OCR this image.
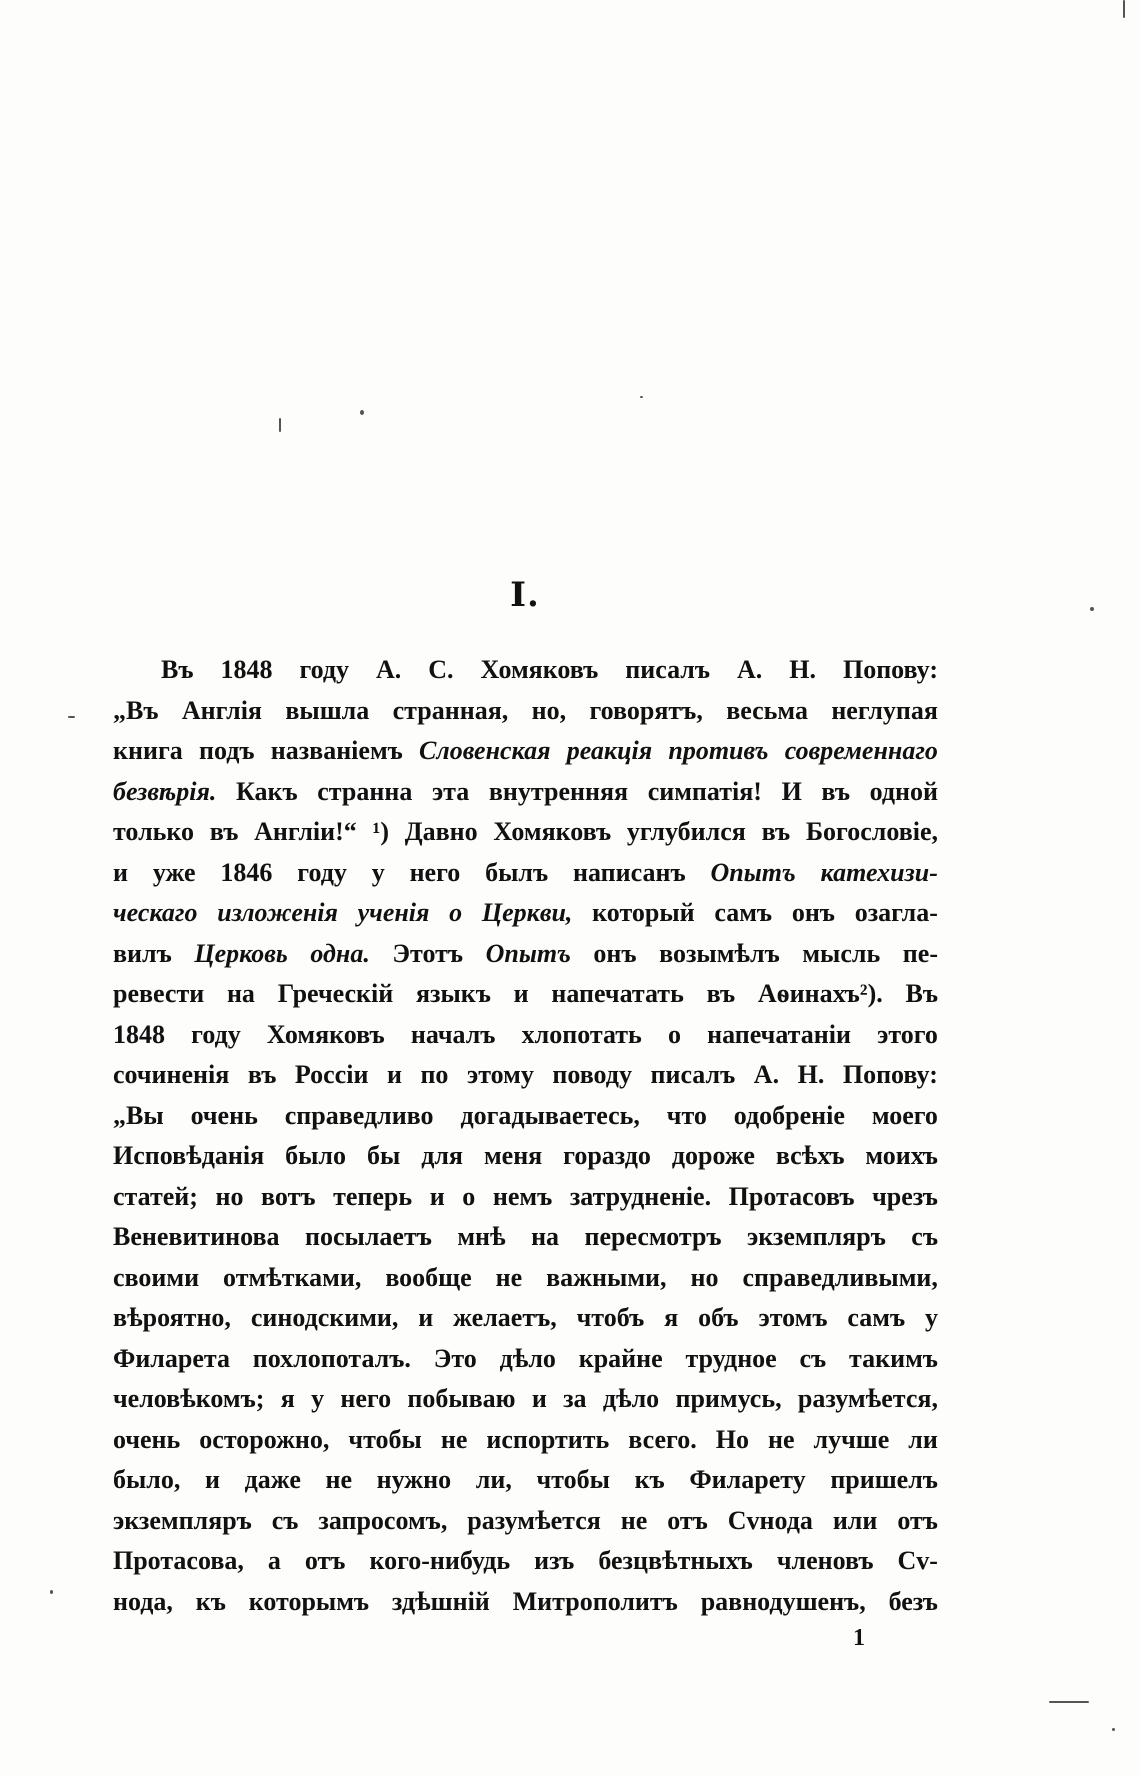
I.
Въ 1848 году А. С. Хомяковъ писалъ А. Н. Попову:
„Въ Англія вышла странная, но, говорятъ, весьма неглупая
книга подъ названіемъ Словенская реакція противъ современнаго
безвѣрія. Какъ странна эта внутренняя симпатія! И въ одной
только въ Англіи!“ ¹) Давно Хомяковъ углубился въ Богословіе,
и уже 1846 году у него былъ написанъ Опытъ катехизи-
ческаго изложенія ученія о Церкви, который самъ онъ озагла-
вилъ Церковь одна. Этотъ Опытъ онъ возымѣлъ мысль пе-
ревести на Греческій языкъ и напечатать въ Аѳинахъ²). Въ
1848 году Хомяковъ началъ хлопотать о напечатаніи этого
сочиненія въ Россіи и по этому поводу писалъ А. Н. Попову:
„Вы очень справедливо догадываетесь, что одобреніе моего
Исповѣданія было бы для меня гораздо дороже всѣхъ моихъ
статей; но вотъ теперь и о немъ затрудненіе. Протасовъ чрезъ
Веневитинова посылаетъ мнѣ на пересмотръ экземпляръ съ
своими отмѣтками, вообще не важными, но справедливыми,
вѣроятно, синодскими, и желаетъ, чтобъ я объ этомъ самъ у
Филарета похлопоталъ. Это дѣло крайне трудное съ такимъ
человѣкомъ; я у него побываю и за дѣло примусь, разумѣется,
очень осторожно, чтобы не испортить всего. Но не лучше ли
было, и даже не нужно ли, чтобы къ Филарету пришелъ
экземпляръ съ запросомъ, разумѣется не отъ Сvнода или отъ
Протасова, а отъ кого-нибудь изъ безцвѣтныхъ членовъ Сv-
нода, къ которымъ здѣшній Митрополитъ равнодушенъ, безъ
1
